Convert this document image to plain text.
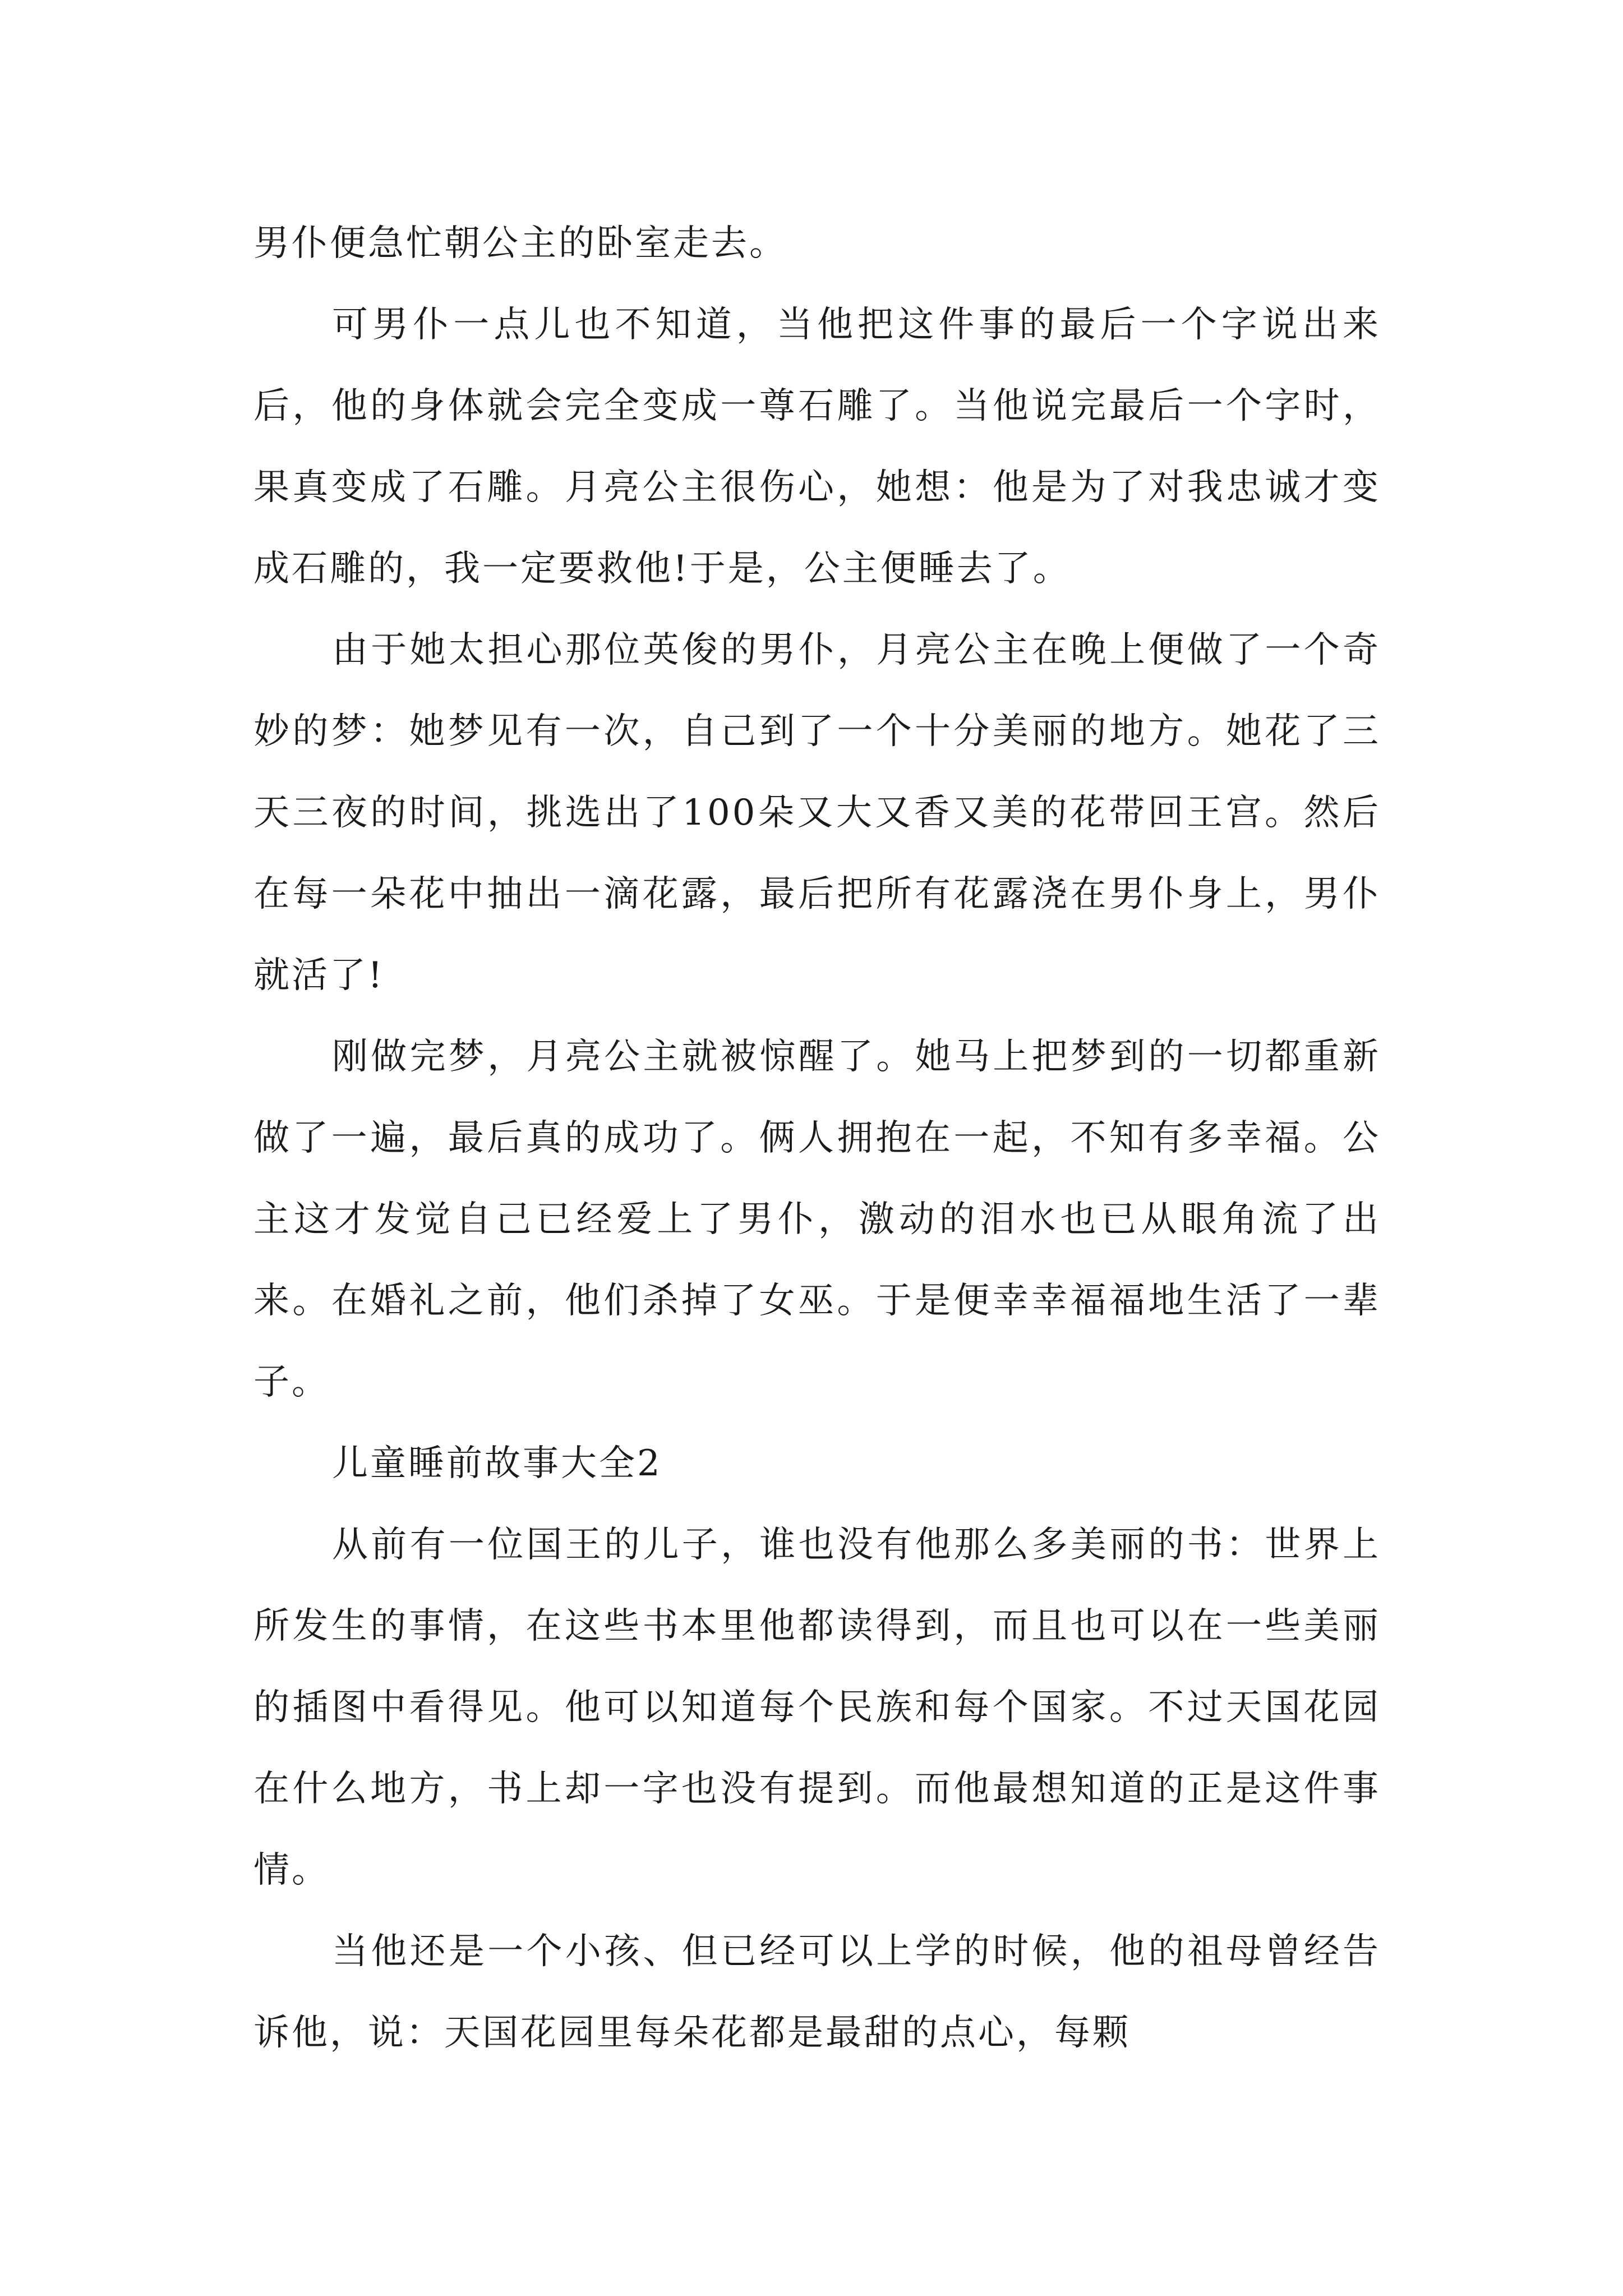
男仆便急忙朝公主的卧室走去。

可男仆一点儿也不知道，当他把这件事的最后一个字说出来后，他的身体就会完全变成一尊石雕了。当他说完最后一个字时，果真变成了石雕。月亮公主很伤心，她想：他是为了对我忠诚才变成石雕的，我一定要救他!于是，公主便睡去了。

由于她太担心那位英俊的男仆，月亮公主在晚上便做了一个奇妙的梦：她梦见有一次，自己到了一个十分美丽的地方。她花了三天三夜的时间，挑选出了100朵又大又香又美的花带回王宫。然后在每一朵花中抽出一滴花露，最后把所有花露浇在男仆身上，男仆就活了!

刚做完梦，月亮公主就被惊醒了。她马上把梦到的一切都重新做了一遍，最后真的成功了。俩人拥抱在一起，不知有多幸福。公主这才发觉自己已经爱上了男仆，激动的泪水也已从眼角流了出来。在婚礼之前，他们杀掉了女巫。于是便幸幸福福地生活了一辈子。

儿童睡前故事大全2

从前有一位国王的儿子，谁也没有他那么多美丽的书：世界上所发生的事情，在这些书本里他都读得到，而且也可以在一些美丽的插图中看得见。他可以知道每个民族和每个国家。不过天国花园在什么地方，书上却一字也没有提到。而他最想知道的正是这件事情。

当他还是一个小孩、但已经可以上学的时候，他的祖母曾经告诉他，说：天国花园里每朵花都是最甜的点心，每颗
